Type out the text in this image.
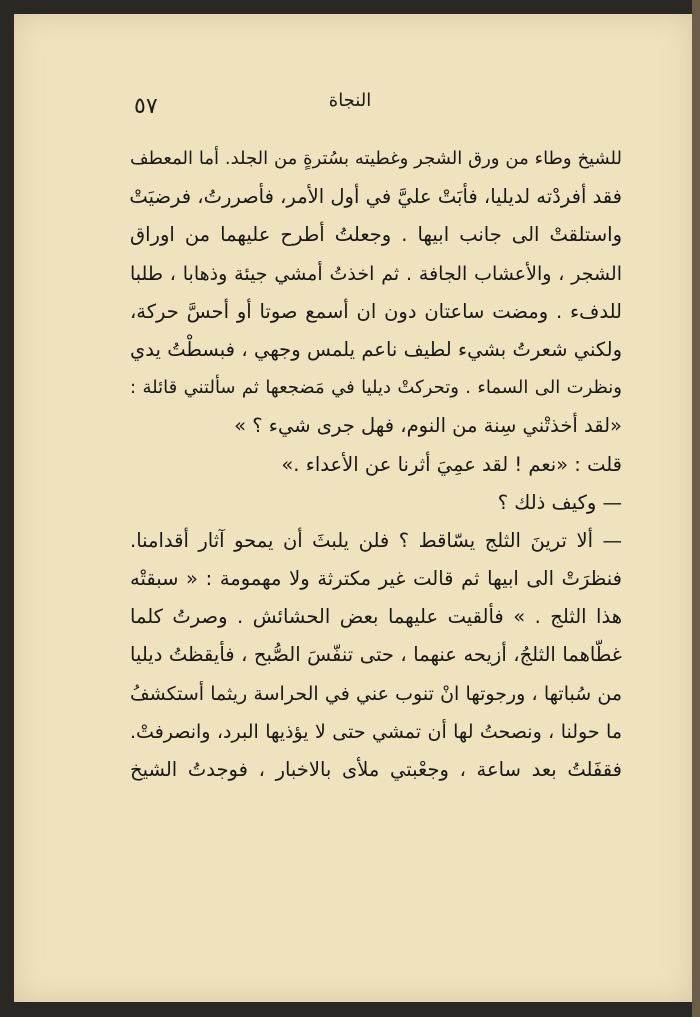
٥٧	النجاة
للشيخ وطاء من ورق الشجر وغطيته بسُترةٍ من الجلد. أما المعطف
فقد أفردْته لديليا، فأبَتْ عليَّ في أول الأمر، فأصررتُ، فرضيَتْ
واستلقتْ الى جانب ابيها . وجعلتُ أطرح عليهما من اوراق
الشجر ، والأعشاب الجافة . ثم اخذتُ أمشي جيئة وذهابا ، طلبا
للدفء . ومضت ساعتان دون ان أسمع صوتا أو أحسَّ حركة،
ولكني شعرتُ بشيء لطيف ناعم يلمس وجهي ، فبسطْتُ يدي
ونظرت الى السماء . وتحركتْ ديليا في مَضجعها ثم سألتني قائلة :
«لقد أخذتْني سِنة من النوم، فهل جرى شيء ؟ »
قلت : «نعم ! لقد عمِيَ أثرنا عن الأعداء .»
— وكيف ذلك ؟
— ألا ترينَ الثلج يسّاقط ؟ فلن يلبثَ أن يمحو آثار أقدامنا.
فنظرَتْ الى ابيها ثم قالت غير مكترثة ولا مهمومة : « سبقتْه
هذا الثلج . » فألقيت عليهما بعض الحشائش . وصرتُ كلما
غطّاهما الثلجُ، أزيحه عنهما ، حتى تنفّسَ الصُّبح ، فأيقظتُ ديليا
من سُباتها ، ورجوتها انْ تنوب عني في الحراسة ريثما أستكشفُ
ما حولنا ، ونصحتُ لها أن تمشي حتى لا يؤذيها البرد، وانصرفتْ.
فقفَلتُ بعد ساعة ، وجعْبتي ملأى بالاخبار ، فوجدتُ الشيخ
